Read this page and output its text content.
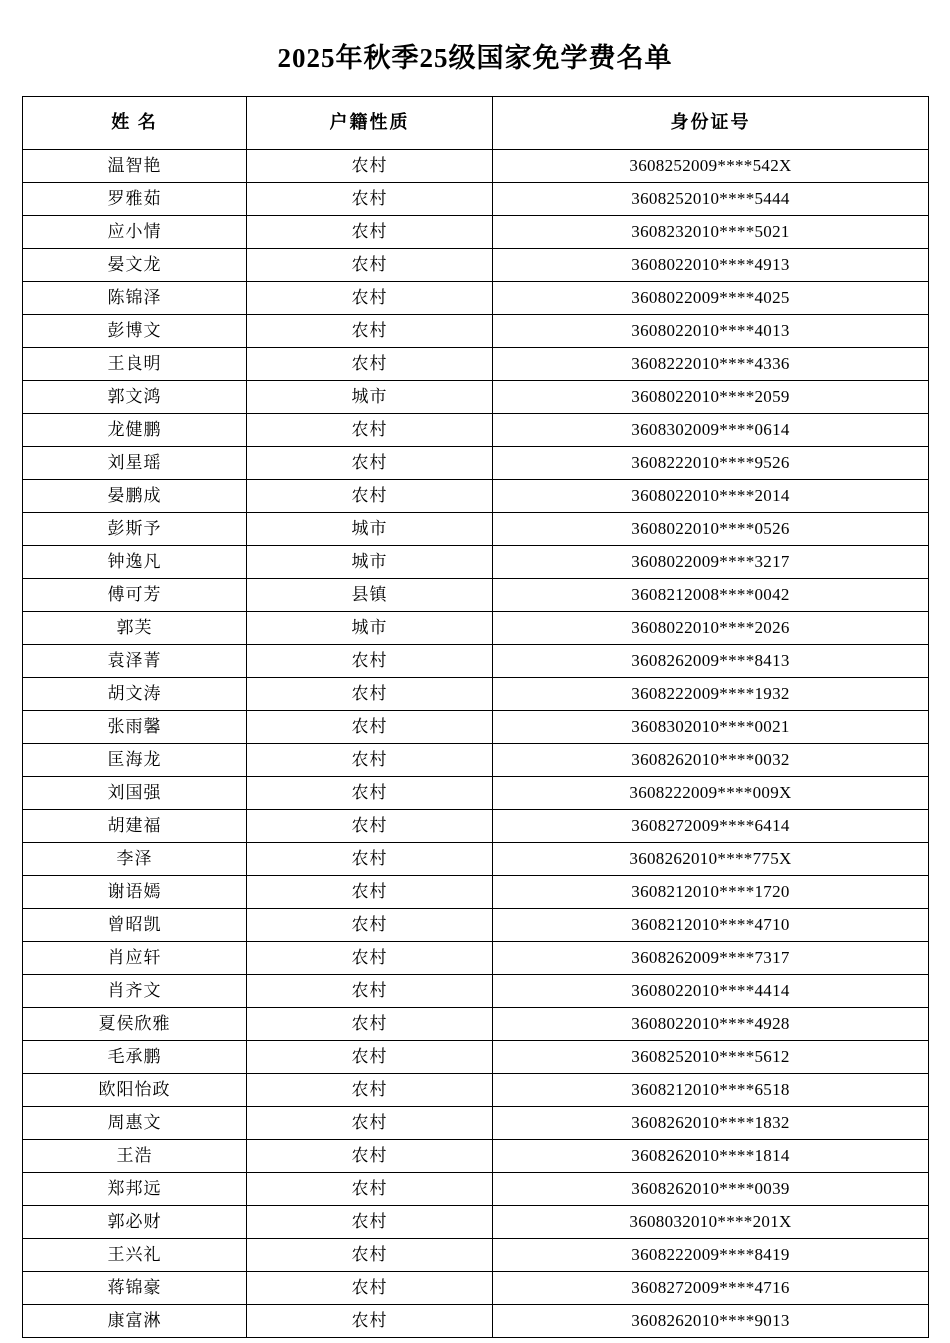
2025年秋季25级国家免学费名单
姓 名	户籍性质	身份证号
温智艳	农村	3608252009****542X
罗雅茹	农村	3608252010****5444
应小情	农村	3608232010****5021
晏文龙	农村	3608022010****4913
陈锦泽	农村	3608022009****4025
彭博文	农村	3608022010****4013
王良明	农村	3608222010****4336
郭文鸿	城市	3608022010****2059
龙健鹏	农村	3608302009****0614
刘星瑶	农村	3608222010****9526
晏鹏成	农村	3608022010****2014
彭斯予	城市	3608022010****0526
钟逸凡	城市	3608022009****3217
傅可芳	县镇	3608212008****0042
郭芙	城市	3608022010****2026
袁泽菁	农村	3608262009****8413
胡文涛	农村	3608222009****1932
张雨馨	农村	3608302010****0021
匡海龙	农村	3608262010****0032
刘国强	农村	3608222009****009X
胡建福	农村	3608272009****6414
李泽	农村	3608262010****775X
谢语嫣	农村	3608212010****1720
曾昭凯	农村	3608212010****4710
肖应轩	农村	3608262009****7317
肖齐文	农村	3608022010****4414
夏侯欣雅	农村	3608022010****4928
毛承鹏	农村	3608252010****5612
欧阳怡政	农村	3608212010****6518
周惠文	农村	3608262010****1832
王浩	农村	3608262010****1814
郑邦远	农村	3608262010****0039
郭必财	农村	3608032010****201X
王兴礼	农村	3608222009****8419
蒋锦豪	农村	3608272009****4716
康富淋	农村	3608262010****9013
